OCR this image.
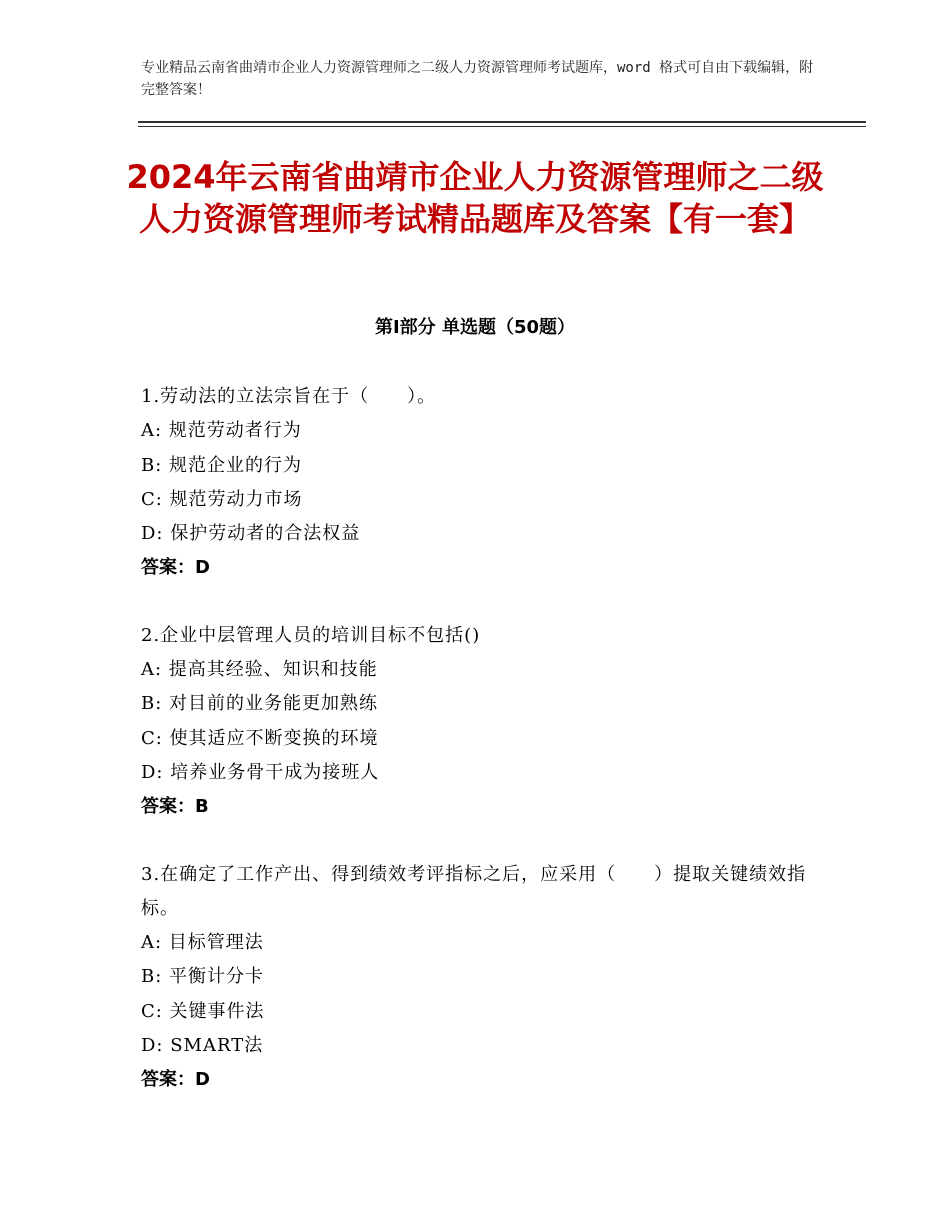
专业精品云南省曲靖市企业人力资源管理师之二级人力资源管理师考试题库，word 格式可自由下载编辑，附完整答案！
2024年云南省曲靖市企业人力资源管理师之二级人力资源管理师考试精品题库及答案【有一套】
第Ⅰ部分 单选题（50题）
1.劳动法的立法宗旨在于（　　）。
A: 规范劳动者行为
B: 规范企业的行为
C: 规范劳动力市场
D: 保护劳动者的合法权益
答案：D
2.企业中层管理人员的培训目标不包括()
A: 提高其经验、知识和技能
B: 对目前的业务能更加熟练
C: 使其适应不断变换的环境
D: 培养业务骨干成为接班人
答案：B
3.在确定了工作产出、得到绩效考评指标之后，应采用（　　）提取关键绩效指标。
A: 目标管理法
B: 平衡计分卡
C: 关键事件法
D: SMART法
答案：D
